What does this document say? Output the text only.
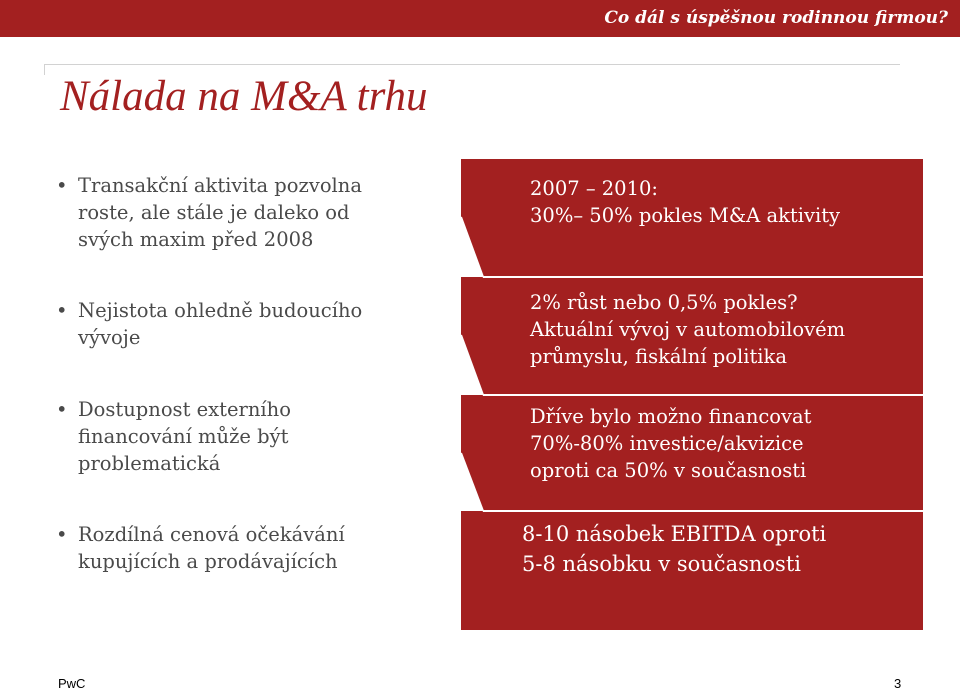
Co dál s úspěšnou rodinnou firmou?
Nálada na M&A trhu
• Transakční aktivita pozvolna
roste, ale stále je daleko od
svých maxim před 2008
• Nejistota ohledně budoucího
vývoje
• Dostupnost externího
financování může být
problematická
• Rozdílná cenová očekávání
kupujících a prodávajících
2007 – 2010:
30%– 50% pokles M&A aktivity
2% růst nebo 0,5% pokles?
Aktuální vývoj v automobilovém
průmyslu, fiskální politika
Dříve bylo možno financovat
70%-80% investice/akvizice
oproti ca 50% v současnosti
8-10 násobek EBITDA oproti
5-8 násobku v současnosti
PwC	3
